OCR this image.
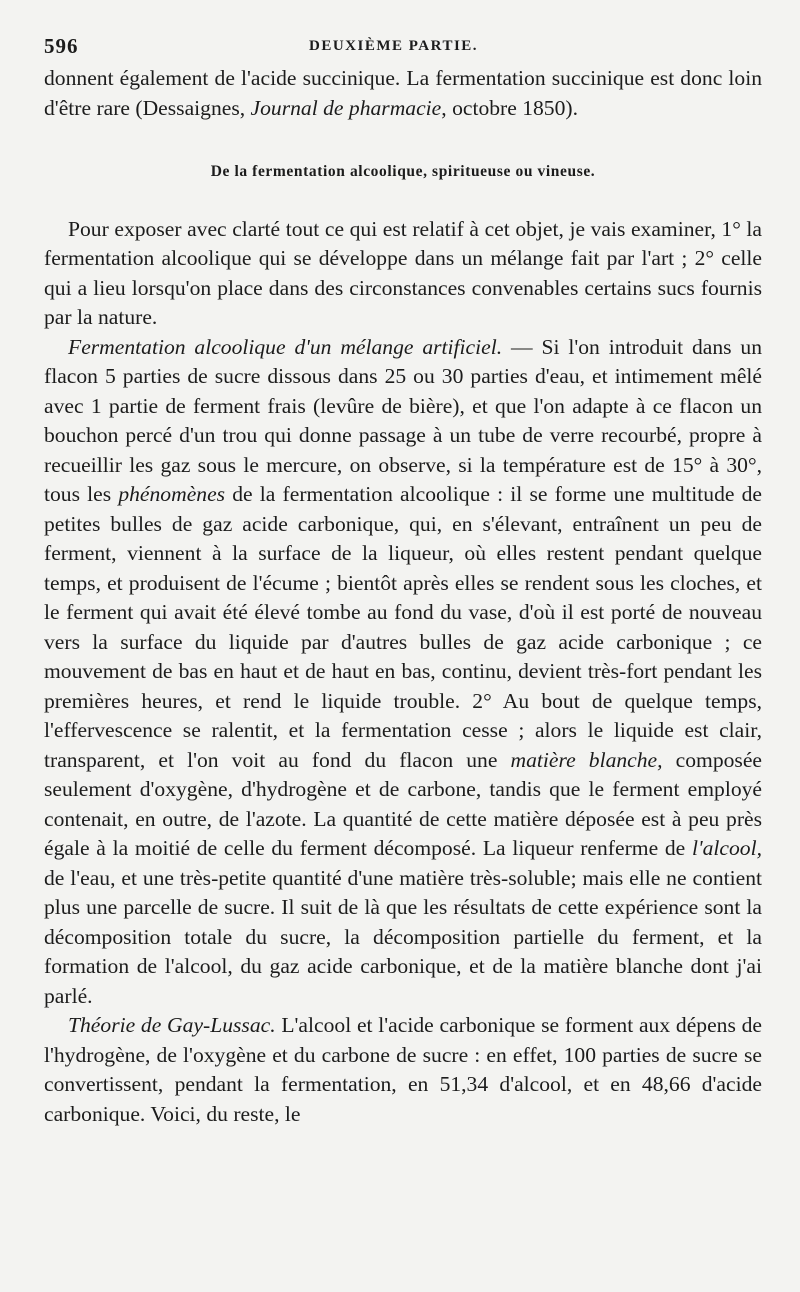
596	DEUXIÈME PARTIE.

donnent également de l'acide succinique. La fermentation succinique est donc loin d'être rare (Dessaignes, Journal de pharmacie, octobre 1850).

De la fermentation alcoolique, spiritueuse ou vineuse.

Pour exposer avec clarté tout ce qui est relatif à cet objet, je vais examiner, 1° la fermentation alcoolique qui se développe dans un mélange fait par l'art ; 2° celle qui a lieu lorsqu'on place dans des circonstances convenables certains sucs fournis par la nature.

Fermentation alcoolique d'un mélange artificiel. — Si l'on introduit dans un flacon 5 parties de sucre dissous dans 25 ou 30 parties d'eau, et intimement mêlé avec 1 partie de ferment frais (levûre de bière), et que l'on adapte à ce flacon un bouchon percé d'un trou qui donne passage à un tube de verre recourbé, propre à recueillir les gaz sous le mercure, on observe, si la température est de 15° à 30°, tous les phénomènes de la fermentation alcoolique : il se forme une multitude de petites bulles de gaz acide carbonique, qui, en s'élevant, entraînent un peu de ferment, viennent à la surface de la liqueur, où elles restent pendant quelque temps, et produisent de l'écume ; bientôt après elles se rendent sous les cloches, et le ferment qui avait été élevé tombe au fond du vase, d'où il est porté de nouveau vers la surface du liquide par d'autres bulles de gaz acide carbonique ; ce mouvement de bas en haut et de haut en bas, continu, devient très-fort pendant les premières heures, et rend le liquide trouble. 2° Au bout de quelque temps, l'effervescence se ralentit, et la fermentation cesse ; alors le liquide est clair, transparent, et l'on voit au fond du flacon une matière blanche, composée seulement d'oxygène, d'hydrogène et de carbone, tandis que le ferment employé contenait, en outre, de l'azote. La quantité de cette matière déposée est à peu près égale à la moitié de celle du ferment décomposé. La liqueur renferme de l'alcool, de l'eau, et une très-petite quantité d'une matière très-soluble; mais elle ne contient plus une parcelle de sucre. Il suit de là que les résultats de cette expérience sont la décomposition totale du sucre, la décomposition partielle du ferment, et la formation de l'alcool, du gaz acide carbonique, et de la matière blanche dont j'ai parlé.

Théorie de Gay-Lussac. L'alcool et l'acide carbonique se forment aux dépens de l'hydrogène, de l'oxygène et du carbone de sucre : en effet, 100 parties de sucre se convertissent, pendant la fermentation, en 51,34 d'alcool, et en 48,66 d'acide carbonique. Voici, du reste, le
